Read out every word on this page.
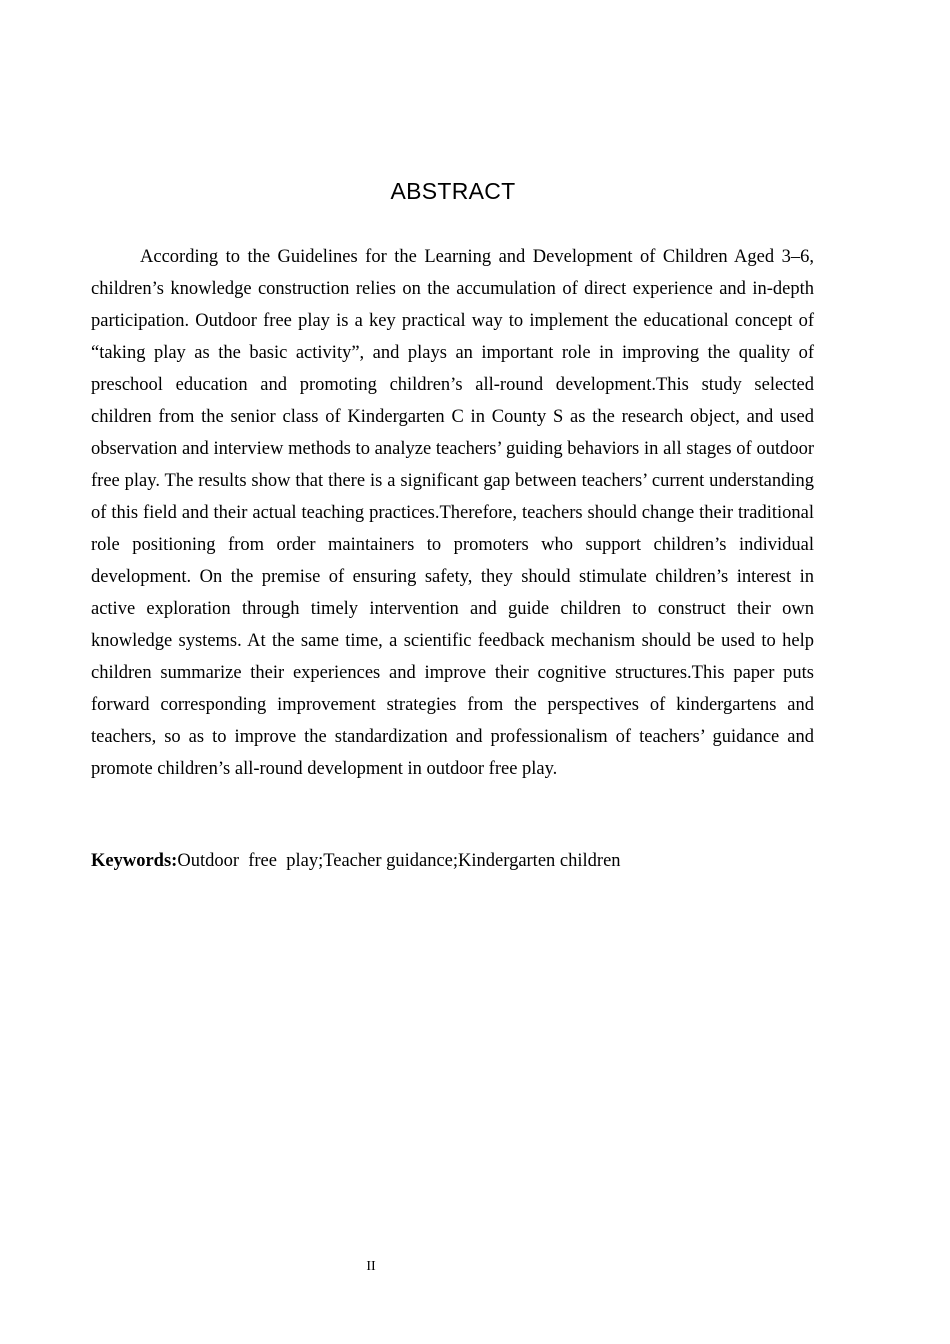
ABSTRACT

According to the Guidelines for the Learning and Development of Children Aged 3–6, children’s knowledge construction relies on the accumulation of direct experience and in-depth participation. Outdoor free play is a key practical way to implement the educational concept of “taking play as the basic activity”, and plays an important role in improving the quality of preschool education and promoting children’s all-round development.This study selected children from the senior class of Kindergarten C in County S as the research object, and used observation and interview methods to analyze teachers’ guiding behaviors in all stages of outdoor free play. The results show that there is a significant gap between teachers’ current understanding of this field and their actual teaching practices.Therefore, teachers should change their traditional role positioning from order maintainers to promoters who support children’s individual development. On the premise of ensuring safety, they should stimulate children’s interest in active exploration through timely intervention and guide children to construct their own knowledge systems. At the same time, a scientific feedback mechanism should be used to help children summarize their experiences and improve their cognitive structures.This paper puts forward corresponding improvement strategies from the perspectives of kindergartens and teachers, so as to improve the standardization and professionalism of teachers’ guidance and promote children’s all-round development in outdoor free play.

Keywords:Outdoor  free  play;Teacher guidance;Kindergarten children
II
